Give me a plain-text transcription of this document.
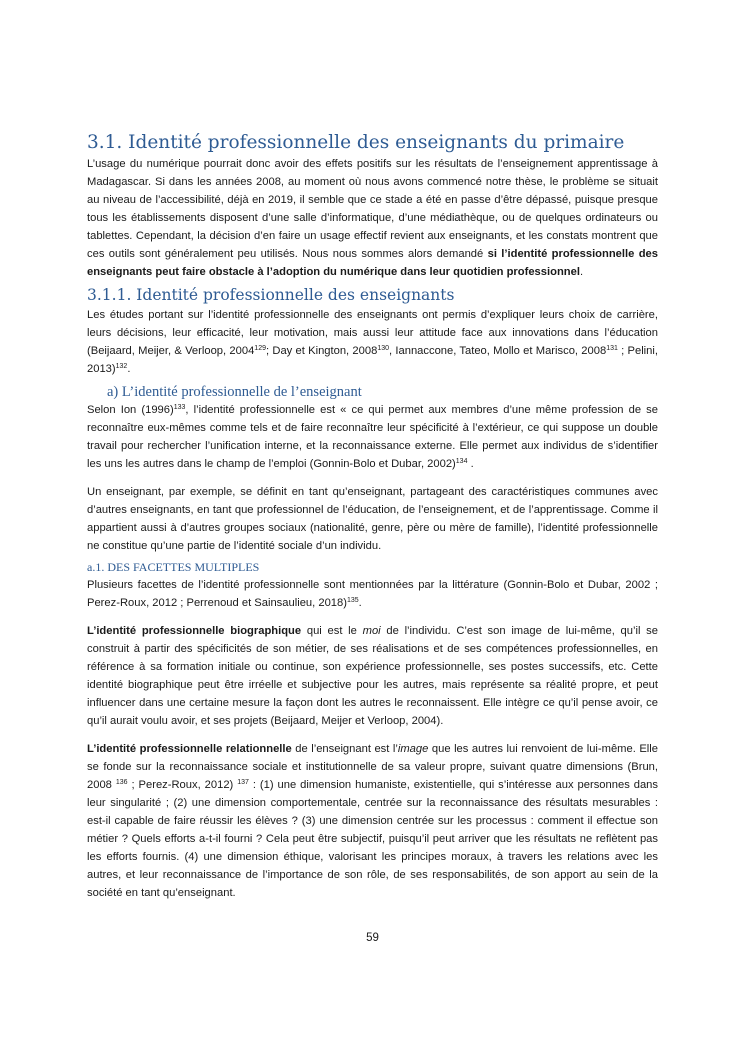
3.1. Identité professionnelle des enseignants du primaire

L’usage du numérique pourrait donc avoir des effets positifs sur les résultats de l’enseignement apprentissage à Madagascar. Si dans les années 2008, au moment où nous avons commencé notre thèse, le problème se situait au niveau de l’accessibilité, déjà en 2019, il semble que ce stade a été en passe d’être dépassé, puisque presque tous les établissements disposent d’une salle d’informatique, d’une médiathèque, ou de quelques ordinateurs ou tablettes. Cependant, la décision d’en faire un usage effectif revient aux enseignants, et les constats montrent que ces outils sont généralement peu utilisés. Nous nous sommes alors demandé si l’identité professionnelle des enseignants peut faire obstacle à l’adoption du numérique dans leur quotidien professionnel.

3.1.1. Identité professionnelle des enseignants

Les études portant sur l’identité professionnelle des enseignants ont permis d’expliquer leurs choix de carrière, leurs décisions, leur efficacité, leur motivation, mais aussi leur attitude face aux innovations dans l’éducation (Beijaard, Meijer, & Verloop, 2004$^{129}$; Day et Kington, 2008$^{130}$, Iannaccone, Tateo, Mollo et Marisco, 2008$^{131}$ ; Pelini, 2013)$^{132}$.

a) L’identité professionnelle de l’enseignant

Selon Ion $(1996)^{133}$, l’identité professionnelle est « ce qui permet aux membres d’une même profession de se reconnaître eux-mêmes comme tels et de faire reconnaître leur spécificité à l’extérieur, ce qui suppose un double travail pour rechercher l’unification interne, et la reconnaissance externe. Elle permet aux individus de s’identifier les uns les autres dans le champ de l’emploi (Gonnin-Bolo et Dubar, 2002)$^{134}$ .

Un enseignant, par exemple, se définit en tant qu’enseignant, partageant des caractéristiques communes avec d’autres enseignants, en tant que professionnel de l’éducation, de l’enseignement, et de l’apprentissage. Comme il appartient aussi à d’autres groupes sociaux (nationalité, genre, père ou mère de famille), l’identité professionnelle ne constitue qu’une partie de l’identité sociale d’un individu.

a.1. DES FACETTES MULTIPLES

Plusieurs facettes de l’identité professionnelle sont mentionnées par la littérature (Gonnin-Bolo et Dubar, 2002 ; Perez-Roux, 2012 ; Perrenoud et Sainsaulieu, 2018)$^{135}$.

L’identité professionnelle biographique qui est le moi de l’individu. C’est son image de lui-même, qu’il se construit à partir des spécificités de son métier, de ses réalisations et de ses compétences professionnelles, en référence à sa formation initiale ou continue, son expérience professionnelle, ses postes successifs, etc. Cette identité biographique peut être irréelle et subjective pour les autres, mais représente sa réalité propre, et peut influencer dans une certaine mesure la façon dont les autres le reconnaissent. Elle intègre ce qu’il pense avoir, ce qu’il aurait voulu avoir, et ses projets (Beijaard, Meijer et Verloop, 2004).

L’identité professionnelle relationnelle de l’enseignant est l’image que les autres lui renvoient de lui-même. Elle se fonde sur la reconnaissance sociale et institutionnelle de sa valeur propre, suivant quatre dimensions (Brun, 2008 $^{136}$ ; Perez-Roux, 2012) $^{137}$ : (1) une dimension humaniste, existentielle, qui s’intéresse aux personnes dans leur singularité ; (2) une dimension comportementale, centrée sur la reconnaissance des résultats mesurables : est-il capable de faire réussir les élèves ? (3) une dimension centrée sur les processus : comment il effectue son métier ? Quels efforts a-t-il fourni ? Cela peut être subjectif, puisqu’il peut arriver que les résultats ne reflètent pas les efforts fournis. (4) une dimension éthique, valorisant les principes moraux, à travers les relations avec les autres, et leur reconnaissance de l’importance de son rôle, de ses responsabilités, de son apport au sein de la société en tant qu’enseignant.

59
